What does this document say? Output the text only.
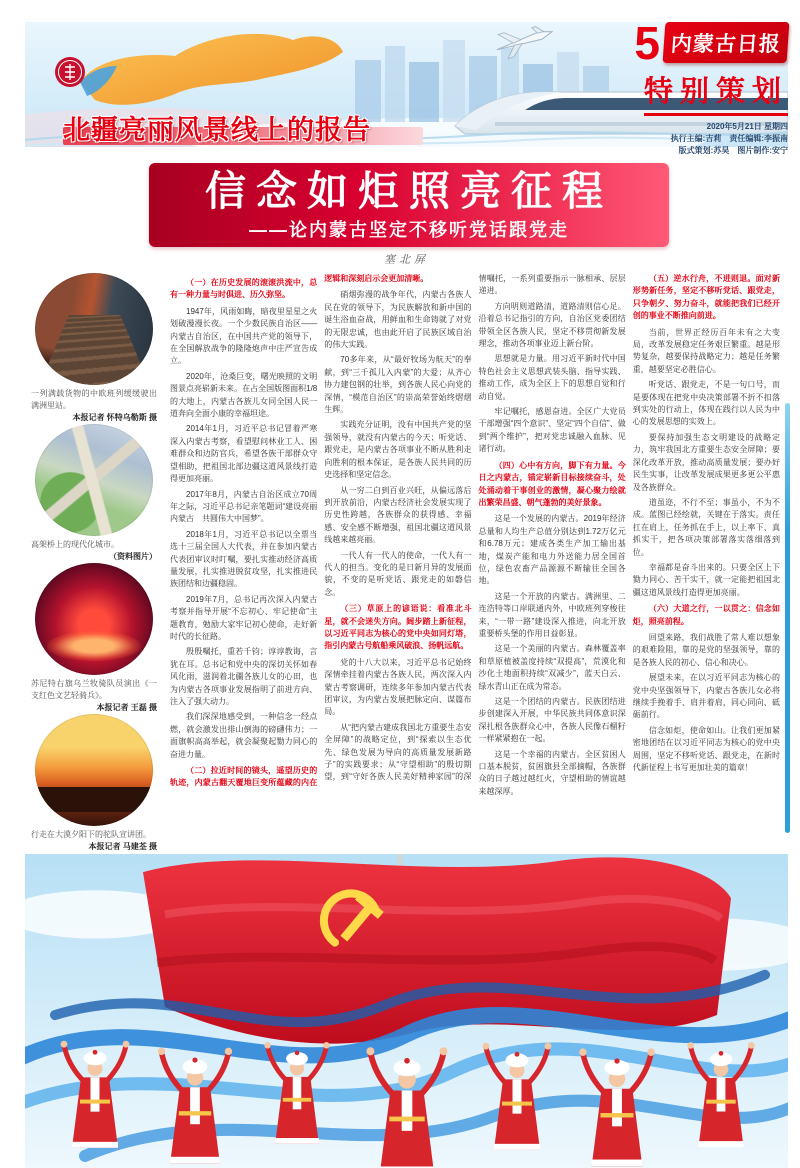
5 内蒙古日报
特别策划
2020年5月21日 星期四
执行主编:吉莉　责任编辑:李振南
版式策划:苏昊　图片制作:安宁
北疆亮丽风景线上的报告
信念如炬照亮征程
——论内蒙古坚定不移听党话跟党走
塞北屏
一列满载货物的中欧班列缓缓驶出满洲里站。
本报记者 怀特乌勒斯 摄
高架桥上的现代化城市。
（资料图片）
苏尼特右旗乌兰牧骑队员演出《一支红色文艺轻骑兵》。
本报记者 王磊 摄
行走在大漠夕阳下的驼队宣讲团。
本报记者 马建荃 摄
（一）在历史发展的滚滚洪流中，总有一种力量与时俱进、历久弥坚。

1947年，风雨如晦，暗夜里星星之火划破漫漫长夜。一个少数民族自治区——内蒙古自治区，在中国共产党的领导下，在全国解放战争的隆隆炮声中庄严宣告成立。

2020年，沧桑巨变，曙光映照的文明图景点亮崭新未来。在占全国版图面积1/8的大地上，内蒙古各族儿女同全国人民一道奔向全面小康的幸福坦途。

2014年1月，习近平总书记冒着严寒深入内蒙古考察，看望慰问林业工人、困难群众和边防官兵，希望各族干部群众守望相助，把祖国北部边疆这道风景线打造得更加亮丽。

2017年8月，内蒙古自治区成立70周年之际，习近平总书记亲笔题词“建设亮丽内蒙古　共圆伟大中国梦”。

2018年1月，习近平总书记以全票当选十三届全国人大代表，并在参加内蒙古代表团审议时叮嘱，要扎实推动经济高质量发展，扎实推进脱贫攻坚，扎实推进民族团结和边疆稳固。

2019年7月，总书记再次深入内蒙古考察并指导开展“不忘初心、牢记使命”主题教育，勉励大家牢记初心使命，走好新时代的长征路。

殷殷嘱托，重若千钧；谆谆教诲，言犹在耳。总书记和党中央的深切关怀如春风化雨，滋润着北疆各族儿女的心田，也为内蒙古各项事业发展指明了前进方向、注入了强大动力。

我们深深地感受到，一种信念一经点燃，就会激发出排山倒海的磅礴伟力；一面旗帜高高举起，就会凝聚起勠力同心的奋进力量。

（二）拉近时间的镜头，遥望历史的轨迹，内蒙古翻天覆地巨变所蕴藏的内在逻辑和深刻启示会更加清晰。

硝烟弥漫的战争年代，内蒙古各族人民在党的领导下，为民族解放和新中国的诞生浴血奋战，用鲜血和生命铸就了对党的无限忠诚，也由此开启了民族区域自治的伟大实践。

70多年来，从“最好牧场为航天”的奉献，到“三千孤儿入内蒙”的大爱；从齐心协力建包钢的壮举，到各族人民心向党的深情，“模范自治区”的崇高荣誉始终熠熠生辉。

实践充分证明，没有中国共产党的坚强领导，就没有内蒙古的今天；听党话、跟党走，是内蒙古各项事业不断从胜利走向胜利的根本保证，是各族人民共同的历史选择和坚定信念。

从一穷二白到百业兴旺，从偏远落后到开放前沿，内蒙古经济社会发展实现了历史性跨越，各族群众的获得感、幸福感、安全感不断增强，祖国北疆这道风景线越来越亮丽。

一代人有一代人的使命，一代人有一代人的担当。变化的是日新月异的发展面貌，不变的是听党话、跟党走的如磐信念。

（三）草原上的谚语说：看准北斗星，就不会迷失方向。阔步踏上新征程，以习近平同志为核心的党中央如同灯塔，指引内蒙古号航船乘风破浪、扬帆远航。

党的十八大以来，习近平总书记始终深情牵挂着内蒙古各族人民，两次深入内蒙古考察调研，连续多年参加内蒙古代表团审议，为内蒙古发展把脉定向、谋篇布局。

从“把内蒙古建成我国北方重要生态安全屏障”的战略定位，到“探索以生态优先、绿色发展为导向的高质量发展新路子”的实践要求；从“守望相助”的殷切期望，到“守好各族人民美好精神家园”的深情嘱托，一系列重要指示一脉相承、层层递进。

方向明则道路清，道路清则信心足。沿着总书记指引的方向，自治区党委团结带领全区各族人民，坚定不移贯彻新发展理念，推动各项事业迈上新台阶。

思想就是力量。用习近平新时代中国特色社会主义思想武装头脑、指导实践、推动工作，成为全区上下的思想自觉和行动自觉。

牢记嘱托，感恩奋进。全区广大党员干部增强“四个意识”、坚定“四个自信”、做到“两个维护”，把对党忠诚融入血脉、见诸行动。

（四）心中有方向，脚下有力量。今日之内蒙古，锚定崭新目标接续奋斗，处处涌动着干事创业的激情，凝心聚力绘就出繁荣昌盛、朝气蓬勃的美好景象。

这是一个发展的内蒙古。2019年经济总量和人均生产总值分别达到1.72万亿元和6.78万元；建成各类生产加工输出基地，煤炭产能和电力外送能力居全国首位，绿色农畜产品源源不断输往全国各地。

这是一个开放的内蒙古。满洲里、二连浩特等口岸联通内外，中欧班列穿梭往来，“一带一路”建设深入推进，向北开放重要桥头堡的作用日益彰显。

这是一个美丽的内蒙古。森林覆盖率和草原植被盖度持续“双提高”，荒漠化和沙化土地面积持续“双减少”，蓝天白云、绿水青山正在成为常态。

这是一个团结的内蒙古。民族团结进步创建深入开展，中华民族共同体意识深深扎根各族群众心中，各族人民像石榴籽一样紧紧抱在一起。

这是一个幸福的内蒙古。全区贫困人口基本脱贫，贫困旗县全部摘帽，各族群众的日子越过越红火，守望相助的情谊越来越深厚。

（五）逆水行舟，不进则退。面对新形势新任务，坚定不移听党话、跟党走，只争朝夕、努力奋斗，就能把我们已经开创的事业不断推向前进。

当前，世界正经历百年未有之大变局，改革发展稳定任务艰巨繁重。越是形势复杂，越要保持战略定力；越是任务繁重，越要坚定必胜信心。

听党话、跟党走，不是一句口号，而是要体现在把党中央决策部署不折不扣落到实处的行动上，体现在践行以人民为中心的发展思想的实效上。

要保持加强生态文明建设的战略定力，筑牢我国北方重要生态安全屏障；要深化改革开放，推动高质量发展；要办好民生实事，让改革发展成果更多更公平惠及各族群众。

道虽迩，不行不至；事虽小，不为不成。蓝图已经绘就，关键在于落实。责任扛在肩上，任务抓在手上，以上率下、真抓实干，把各项决策部署落实落细落到位。

幸福都是奋斗出来的。只要全区上下勠力同心、苦干实干，就一定能把祖国北疆这道风景线打造得更加亮丽。

（六）大道之行，一以贯之：信念如炬，照亮前程。

回望来路，我们战胜了常人难以想象的艰难险阻，靠的是党的坚强领导，靠的是各族人民的初心、信心和决心。

展望未来，在以习近平同志为核心的党中央坚强领导下，内蒙古各族儿女必将继续手挽着手、肩并着肩，同心同向、砥砺前行。

信念如炬，使命如山。让我们更加紧密地团结在以习近平同志为核心的党中央周围，坚定不移听党话、跟党走，在新时代新征程上书写更加壮美的篇章！
